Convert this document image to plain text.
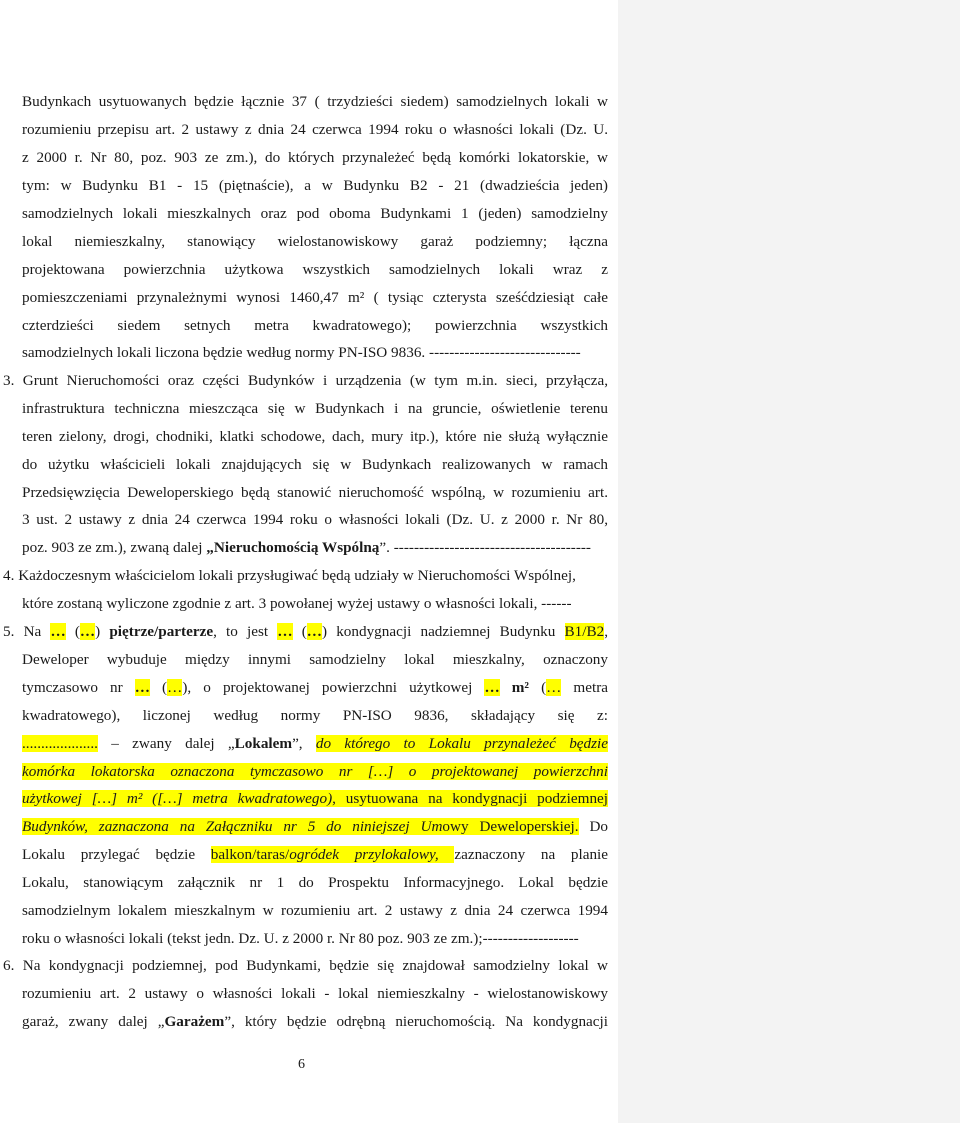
Budynkach usytuowanych będzie łącznie 37 ( trzydzieści siedem) samodzielnych lokali w
rozumieniu przepisu art. 2 ustawy z dnia 24 czerwca 1994 roku o własności lokali (Dz. U.
z 2000 r. Nr 80, poz. 903 ze zm.), do których przynależeć będą komórki lokatorskie, w
tym: w Budynku B1 - 15 (piętnaście), a w Budynku B2 - 21 (dwadzieścia jeden)
samodzielnych lokali mieszkalnych oraz pod oboma Budynkami 1 (jeden) samodzielny
lokal niemieszkalny, stanowiący wielostanowiskowy garaż podziemny; łączna
projektowana powierzchnia użytkowa wszystkich samodzielnych lokali wraz z
pomieszczeniami przynależnymi wynosi 1460,47 m² ( tysiąc czterysta sześćdziesiąt całe
czterdzieści siedem setnych metra kwadratowego); powierzchnia wszystkich
samodzielnych lokali liczona będzie według normy PN-ISO 9836. ------------------------------
3. Grunt Nieruchomości oraz części Budynków i urządzenia (w tym m.in. sieci, przyłącza,
infrastruktura techniczna mieszcząca się w Budynkach i na gruncie, oświetlenie terenu
teren zielony, drogi, chodniki, klatki schodowe, dach, mury itp.), które nie służą wyłącznie
do użytku właścicieli lokali znajdujących się w Budynkach realizowanych w ramach
Przedsięwzięcia Deweloperskiego będą stanowić nieruchomość wspólną, w rozumieniu art.
3 ust. 2 ustawy z dnia 24 czerwca 1994 roku o własności lokali (Dz. U. z 2000 r. Nr 80,
poz. 903 ze zm.), zwaną dalej „Nieruchomością Wspólną”. ---------------------------------------
4. Każdoczesnym właścicielom lokali przysługiwać będą udziały w Nieruchomości Wspólnej,
które zostaną wyliczone zgodnie z art. 3 powołanej wyżej ustawy o własności lokali, ------
5. Na … (…) piętrze/parterze, to jest … (…) kondygnacji nadziemnej Budynku B1/B2,
Deweloper wybuduje między innymi samodzielny lokal mieszkalny, oznaczony
tymczasowo nr … (…), o projektowanej powierzchni użytkowej … m² (… metra
kwadratowego), liczonej według normy PN-ISO 9836, składający się z:
.................... – zwany dalej „Lokalem”, do którego to Lokalu przynależeć będzie
komórka lokatorska oznaczona tymczasowo nr […] o projektowanej powierzchni
użytkowej […] m² ([…] metra kwadratowego), usytuowana na kondygnacji podziemnej
Budynków, zaznaczona na Załączniku nr 5 do niniejszej Umowy Deweloperskiej. Do
Lokalu przylegać będzie balkon/taras/ogródek przylokalowy, zaznaczony na planie
Lokalu, stanowiącym załącznik nr 1 do Prospektu Informacyjnego. Lokal będzie
samodzielnym lokalem mieszkalnym w rozumieniu art. 2 ustawy z dnia 24 czerwca 1994
roku o własności lokali (tekst jedn. Dz. U. z 2000 r. Nr 80 poz. 903 ze zm.);-------------------
6. Na kondygnacji podziemnej, pod Budynkami, będzie się znajdował samodzielny lokal w
rozumieniu art. 2 ustawy o własności lokali - lokal niemieszkalny - wielostanowiskowy
garaż, zwany dalej „Garażem”, który będzie odrębną nieruchomością. Na kondygnacji
6
